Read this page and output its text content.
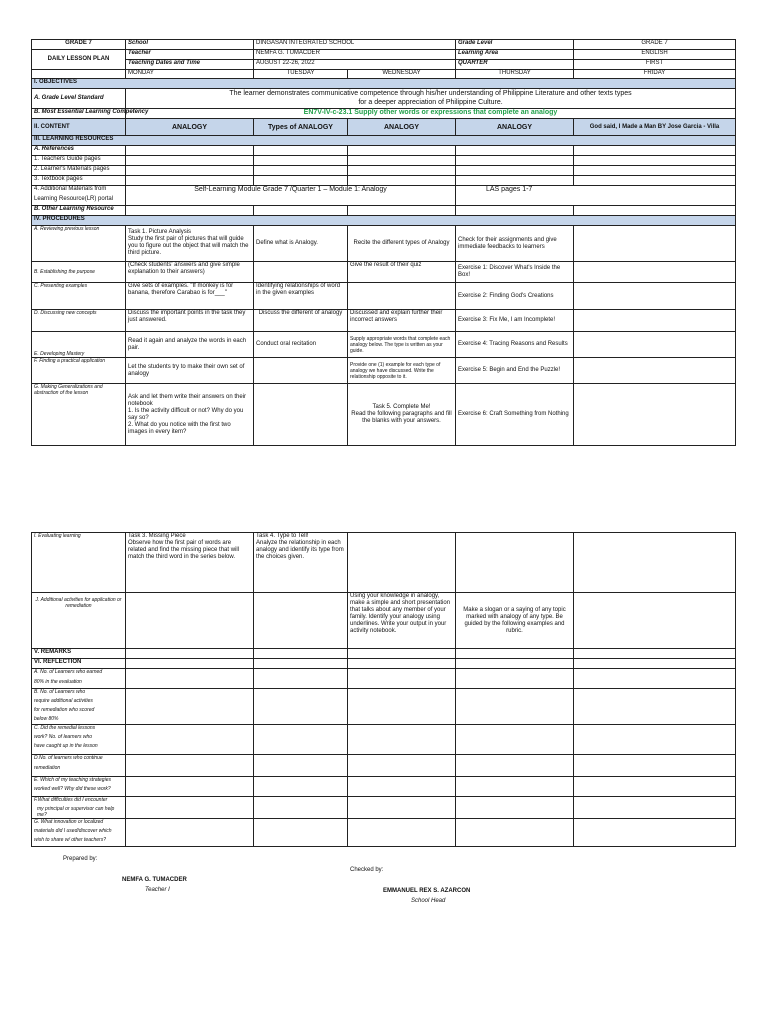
GRADE 7	School	DINGASAN INTEGRATED SCHOOL		Grade Level	GRADE 7
DAILY LESSON PLAN	Teacher	NEMFA G. TUMACDER		Learning Area	ENGLISH
	Teaching Dates and Time	AUGUST 22-26, 2022		QUARTER	FIRST
	MONDAY	TUESDAY	WEDNESDAY	THURSDAY	FRIDAY
I. OBJECTIVES					
A. Grade Level Standard	The learner demonstrates communicative competence through his/her understanding of Philippine Literature and other texts types
for a deeper appreciation of Philippine Culture.				

B. Most Essential Learning Competency	EN7V-IV-c-23.1 Supply other words or expressions that complete an analogy				
II. CONTENT	ANALOGY	Types of ANALOGY	ANALOGY	ANALOGY	God said, I Made a Man BY Jose Garcia - Villa
III. LEARNING RESOURCES					
A. References					
1. Teachers Guide pages					
2. Learner's Materials pages					
3. Textbook pages					

4. Additional Materials from
Learning Resource(LR) portal	Self-Learning Module Grade 7 /Quarter 1 – Module 1: Analogy			LAS pages 1-7	
B. Other Learning Resource					
IV. PROCEDURES					
A. Reviewing previous lesson	Task 1. Picture Analysis
Study the first pair of pictures that will guide you to figure out the object that will match the third picture.	Define what is Analogy.	Recite the different types of Analogy	Check for their assignments and give immediate feedbacks to learners	
B. Establishing the purpose	(Check students' answers and give simple explanation to their answers)		Give the result of their quiz	Exercise 1: Discover What's Inside the Box!	
C. Presenting examples	Give sets of examples. "If monkey is for banana, therefore Carabao is for___"	Identifying relationships of word in the given examples		Exercise 2: Finding God's Creations	
D. Discussing new concepts	Discuss the important points in the task they just answered.	Discuss the different of analogy	Discussed and explain further their incorrect answers	Exercise 3: Fix Me, I am Incomplete!	
E. Developing Mastery	Read it again and analyze the words in each pair.	Conduct oral recitation	Supply appropriate words that complete each analogy below. The type is written as your guide.	Exercise 4: Tracing Reasons and Results	
F. Finding a practical application	Let the students try to make their own set of analogy		Provide one (1) example for each type of analogy we have discussed. Write the relationship opposite to it.	Exercise 5: Begin and End the Puzzle!	
G. Making Generalizations and abstraction of the lesson	Ask and let them write their answers on their notebook
1. Is the activity difficult or not? Why do you say so?
2. What do you notice with the first two images in every item?		Task 5. Complete Me!
Read the following paragraphs and fill the blanks with your answers.	Exercise 6: Craft Something from Nothing	
I. Evaluating learning	Task 3. Missing Piece
Observe how the first pair of words are related and find the missing piece that will match the third word in the series below.	Task 4. Type to Tell!
Analyze the relationship in each analogy and identify its type from the choices given.			
J. Additional activities for application or remediation			Using your knowledge in analogy, make a simple and short presentation that talks about any member of your family. Identify your analogy using underlines. Write your output in your activity notebook.	Make a slogan or a saying of any topic marked with analogy of any type. Be guided by the following examples and rubric.	
V. REMARKS					
VI. REFLECTION					

A. No. of Learners who earned
80% in the evaluation					

B. No. of Learners who
require additional activities
for remediation who scored
below 80%					

C. Did the remedial lessons
work? No. of learners who
have caught up in the lesson					

D.No. of learners who continue
remediation					

E. Which of my teaching strategies
worked well? Why did these work?					

F.What difficulties did I encounter
my principal or supervisor can help me?					

G. What innovation or localized
materials did I used/discover which
wish to share w/ other teachers?					

Prepared by:
NEMFA G. TUMACDER
Teacher I
Checked by:
EMMANUEL REX S. AZARCON
School Head
